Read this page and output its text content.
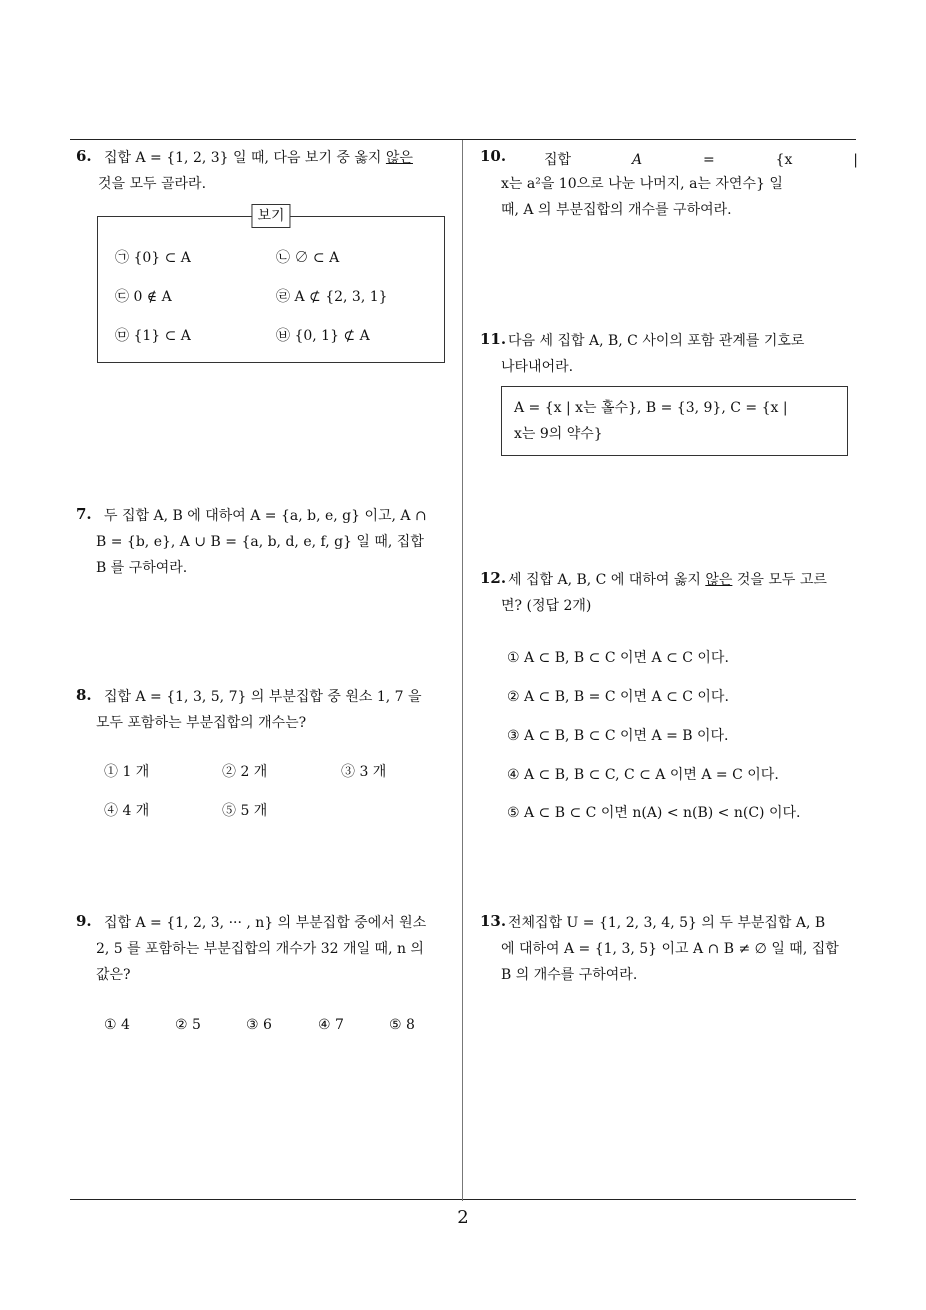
6. 집합 A = {1, 2, 3} 일 때, 다음 보기 중 옳지 않은
것을 모두 골라라.
보기
㉠ {0} ⊂ A	㉡ ∅ ⊂ A
㉢ 0 ∉ A	㉣ A ⊄ {2, 3, 1}
㉤ {1} ⊂ A	㉥ {0, 1} ⊄ A
7. 두 집합 A, B 에 대하여 A = {a, b, e, g} 이고, A ∩
B = {b, e}, A ∪ B = {a, b, d, e, f, g} 일 때, 집합
B 를 구하여라.
8. 집합 A = {1, 3, 5, 7} 의 부분집합 중 원소 1, 7 을
모두 포함하는 부분집합의 개수는?
① 1 개	② 2 개	③ 3 개
④ 4 개	⑤ 5 개
9. 집합 A = {1, 2, 3, ··· , n} 의 부분집합 중에서 원소
2, 5 를 포함하는 부분집합의 개수가 32 개일 때, n 의
값은?
① 4	② 5	③ 6	④ 7	⑤ 8
10.	집합	A	=	{x	|
x는 a²을 10으로 나눈 나머지, a는 자연수} 일
때, A 의 부분집합의 개수를 구하여라.
11. 다음 세 집합 A, B, C 사이의 포함 관계를 기호로
나타내어라.
A = {x | x는 홀수}, B = {3, 9}, C = {x |
x는 9의 약수}
12. 세 집합 A, B, C 에 대하여 옳지 않은 것을 모두 고르
면? (정답 2개)
① A ⊂ B, B ⊂ C 이면 A ⊂ C 이다.
② A ⊂ B, B = C 이면 A ⊂ C 이다.
③ A ⊂ B, B ⊂ C 이면 A = B 이다.
④ A ⊂ B, B ⊂ C, C ⊂ A 이면 A = C 이다.
⑤ A ⊂ B ⊂ C 이면 n(A) < n(B) < n(C) 이다.
13. 전체집합 U = {1, 2, 3, 4, 5} 의 두 부분집합 A, B
에 대하여 A = {1, 3, 5} 이고 A ∩ B ≠ ∅ 일 때, 집합
B 의 개수를 구하여라.
2
